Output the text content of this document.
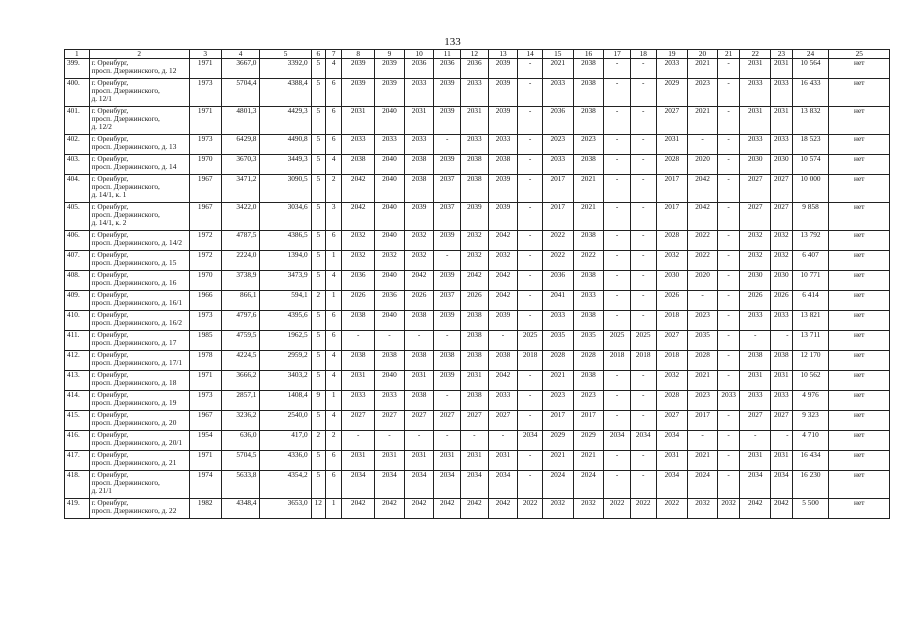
133
1	2	3	4	5	6	7	8	9	10	11	12	13	14	15	16	17	18	19	20	21	22	23	24	25
399.	г. Оренбург,
просп. Дзержинского, д. 12	1971	3667,0	3392,0	5	4	2039	2039	2036	2036	2036	2039	-	2021	2038	-	-	2033	2021	-	2031	2031	10 564	нет
400.	г. Оренбург,
просп. Дзержинского,
д. 12/1	1973	5704,4	4388,4	5	6	2039	2039	2033	2039	2033	2039	-	2033	2038	-	-	2029	2023	-	2033	2033	16 433	нет
401.	г. Оренбург,
просп. Дзержинского,
д. 12/2	1971	4801,3	4429,3	5	6	2031	2040	2031	2039	2031	2039	-	2036	2038	-	-	2027	2021	-	2031	2031	13 832	нет
402.	г. Оренбург,
просп. Дзержинского, д. 13	1973	6429,8	4490,8	5	6	2033	2033	2033	-	2033	2033	-	2023	2023	-	-	2031	-	-	2033	2033	18 523	нет
403.	г. Оренбург,
просп. Дзержинского, д. 14	1970	3670,3	3449,3	5	4	2038	2040	2038	2039	2038	2038	-	2033	2038	-	-	2028	2020	-	2030	2030	10 574	нет
404.	г. Оренбург,
просп. Дзержинского,
д. 14/1, к. 1	1967	3471,2	3090,5	5	2	2042	2040	2038	2037	2038	2039	-	2017	2021	-	-	2017	2042	-	2027	2027	10 000	нет
405.	г. Оренбург,
просп. Дзержинского,
д. 14/1, к. 2	1967	3422,0	3034,6	5	3	2042	2040	2039	2037	2039	2039	-	2017	2021	-	-	2017	2042	-	2027	2027	9 858	нет
406.	г. Оренбург,
просп. Дзержинского, д. 14/2	1972	4787,5	4386,5	5	6	2032	2040	2032	2039	2032	2042	-	2022	2038	-	-	2028	2022	-	2032	2032	13 792	нет
407.	г. Оренбург,
просп. Дзержинского, д. 15	1972	2224,0	1394,0	5	1	2032	2032	2032	-	2032	2032	-	2022	2022	-	-	2032	2022	-	2032	2032	6 407	нет
408.	г. Оренбург,
просп. Дзержинского, д. 16	1970	3738,9	3473,9	5	4	2036	2040	2042	2039	2042	2042	-	2036	2038	-	-	2030	2020	-	2030	2030	10 771	нет
409.	г. Оренбург,
просп. Дзержинского, д. 16/1	1966	866,1	594,1	2	1	2026	2036	2026	2037	2026	2042	-	2041	2033	-	-	2026	-	-	2026	2026	6 414	нет
410.	г. Оренбург,
просп. Дзержинского, д. 16/2	1973	4797,6	4395,6	5	6	2038	2040	2038	2039	2038	2039	-	2033	2038	-	-	2018	2023	-	2033	2033	13 821	нет
411.	г. Оренбург,
просп. Дзержинского, д. 17	1985	4759,5	1962,5	5	6	-	-	-	-	2038	-	2025	2035	2035	2025	2025	2027	2035	-	-	-	13 711	нет
412.	г. Оренбург,
просп. Дзержинского, д. 17/1	1978	4224,5	2959,2	5	4	2038	2038	2038	2038	2038	2038	2018	2028	2028	2018	2018	2018	2028	-	2038	2038	12 170	нет
413.	г. Оренбург,
просп. Дзержинского, д. 18	1971	3666,2	3403,2	5	4	2031	2040	2031	2039	2031	2042	-	2021	2038	-	-	2032	2021	-	2031	2031	10 562	нет
414.	г. Оренбург,
просп. Дзержинского, д. 19	1973	2857,1	1408,4	9	1	2033	2033	2038	-	2038	2033	-	2023	2023	-	-	2028	2023	2033	2033	2033	4 976	нет
415.	г. Оренбург,
просп. Дзержинского, д. 20	1967	3236,2	2540,0	5	4	2027	2027	2027	2027	2027	2027	-	2017	2017	-	-	2027	2017	-	2027	2027	9 323	нет
416.	г. Оренбург,
просп. Дзержинского, д. 20/1	1954	636,0	417,0	2	2	-	-	-	-	-	-	2034	2029	2029	2034	2034	2034	-	-	-	-	4 710	нет
417.	г. Оренбург,
просп. Дзержинского, д. 21	1971	5704,5	4336,0	5	6	2031	2031	2031	2031	2031	2031	-	2021	2021	-	-	2031	2021	-	2031	2031	16 434	нет
418.	г. Оренбург,
просп. Дзержинского,
д. 21/1	1974	5633,8	4354,2	5	6	2034	2034	2034	2034	2034	2034	-	2024	2024	-	-	2034	2024	-	2034	2034	16 230	нет
419.	г. Оренбург,
просп. Дзержинского, д. 22	1982	4348,4	3653,0	12	1	2042	2042	2042	2042	2042	2042	2022	2032	2032	2022	2022	2022	2032	2032	2042	2042	5 500	нет
